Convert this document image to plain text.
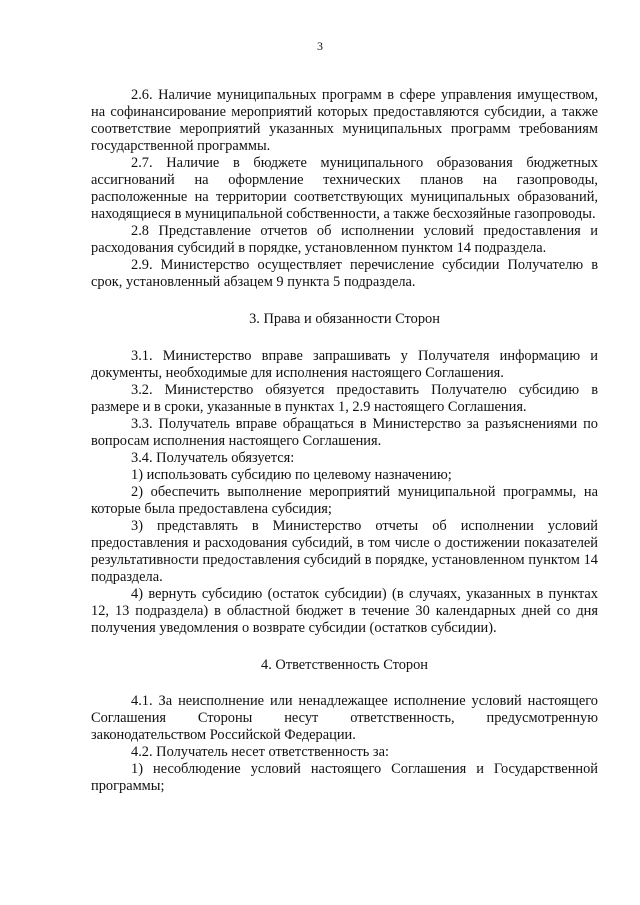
3

2.6. Наличие муниципальных программ в сфере управления имуществом, на софинансирование мероприятий которых предоставляются субсидии, а также соответствие мероприятий указанных муниципальных программ требованиям государственной программы.

2.7. Наличие в бюджете муниципального образования бюджетных ассигнований на оформление технических планов на газопроводы, расположенные на территории соответствующих муниципальных образований, находящиеся в муниципальной собственности, а также бесхозяйные газопроводы.

2.8 Представление отчетов об исполнении условий предоставления и расходования субсидий в порядке, установленном пунктом 14 подраздела.

2.9. Министерство осуществляет перечисление субсидии Получателю в срок, установленный абзацем 9 пункта 5 подраздела.

3. Права и обязанности Сторон

3.1. Министерство вправе запрашивать у Получателя информацию и документы, необходимые для исполнения настоящего Соглашения.

3.2. Министерство обязуется предоставить Получателю субсидию в размере и в сроки, указанные в пунктах 1, 2.9 настоящего Соглашения.

3.3. Получатель вправе обращаться в Министерство за разъяснениями по вопросам исполнения настоящего Соглашения.

3.4. Получатель обязуется:

1) использовать субсидию по целевому назначению;

2) обеспечить выполнение мероприятий муниципальной программы, на которые была предоставлена субсидия;

3) представлять в Министерство отчеты об исполнении условий предоставления и расходования субсидий, в том числе о достижении показателей результативности предоставления субсидий в порядке, установленном пунктом 14 подраздела.

4) вернуть субсидию (остаток субсидии) (в случаях, указанных в пунктах 12, 13 подраздела) в областной бюджет в течение 30 календарных дней со дня получения уведомления о возврате субсидии (остатков субсидии).

4. Ответственность Сторон

4.1. За неисполнение или ненадлежащее исполнение условий настоящего Соглашения Стороны несут ответственность, предусмотренную законодательством Российской Федерации.

4.2. Получатель несет ответственность за:

1) несоблюдение условий настоящего Соглашения и Государственной программы;
